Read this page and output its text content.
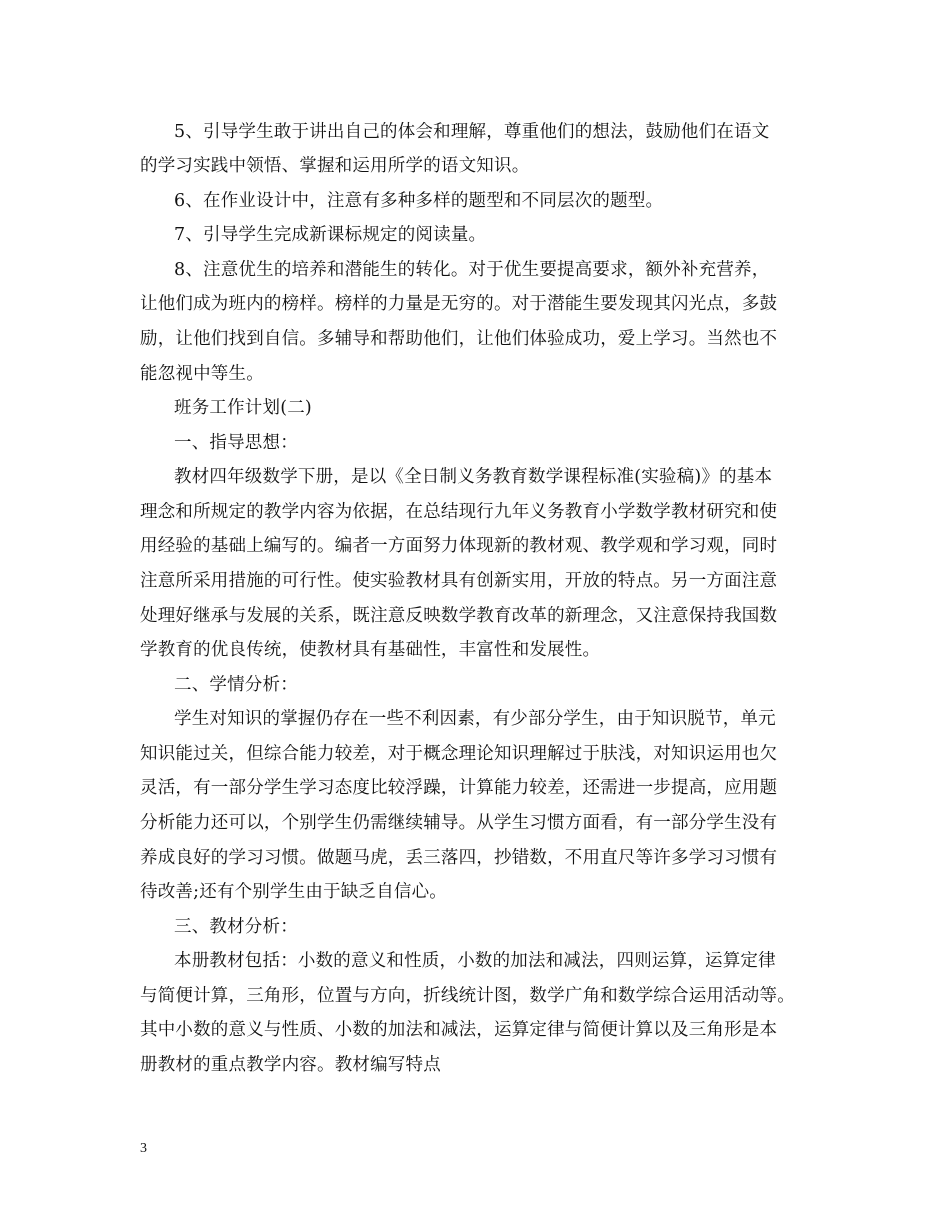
5、引导学生敢于讲出自己的体会和理解，尊重他们的想法，鼓励他们在语文
的学习实践中领悟、掌握和运用所学的语文知识。
6、在作业设计中，注意有多种多样的题型和不同层次的题型。
7、引导学生完成新课标规定的阅读量。
8、注意优生的培养和潜能生的转化。对于优生要提高要求，额外补充营养，
让他们成为班内的榜样。榜样的力量是无穷的。对于潜能生要发现其闪光点，多鼓
励，让他们找到自信。多辅导和帮助他们，让他们体验成功，爱上学习。当然也不
能忽视中等生。
班务工作计划(二)
一、指导思想：
教材四年级数学下册，是以《全日制义务教育数学课程标准(实验稿)》的基本
理念和所规定的教学内容为依据，在总结现行九年义务教育小学数学教材研究和使
用经验的基础上编写的。编者一方面努力体现新的教材观、教学观和学习观，同时
注意所采用措施的可行性。使实验教材具有创新实用，开放的特点。另一方面注意
处理好继承与发展的关系，既注意反映数学教育改革的新理念，又注意保持我国数
学教育的优良传统，使教材具有基础性，丰富性和发展性。
二、学情分析：
学生对知识的掌握仍存在一些不利因素，有少部分学生，由于知识脱节，单元
知识能过关，但综合能力较差，对于概念理论知识理解过于肤浅，对知识运用也欠
灵活，有一部分学生学习态度比较浮躁，计算能力较差，还需进一步提高，应用题
分析能力还可以，个别学生仍需继续辅导。从学生习惯方面看，有一部分学生没有
养成良好的学习习惯。做题马虎，丢三落四，抄错数，不用直尺等许多学习习惯有
待改善;还有个别学生由于缺乏自信心。
三、教材分析：
本册教材包括：小数的意义和性质，小数的加法和减法，四则运算，运算定律
与简便计算，三角形，位置与方向，折线统计图，数学广角和数学综合运用活动等。
其中小数的意义与性质、小数的加法和减法，运算定律与简便计算以及三角形是本
册教材的重点教学内容。教材编写特点
3
